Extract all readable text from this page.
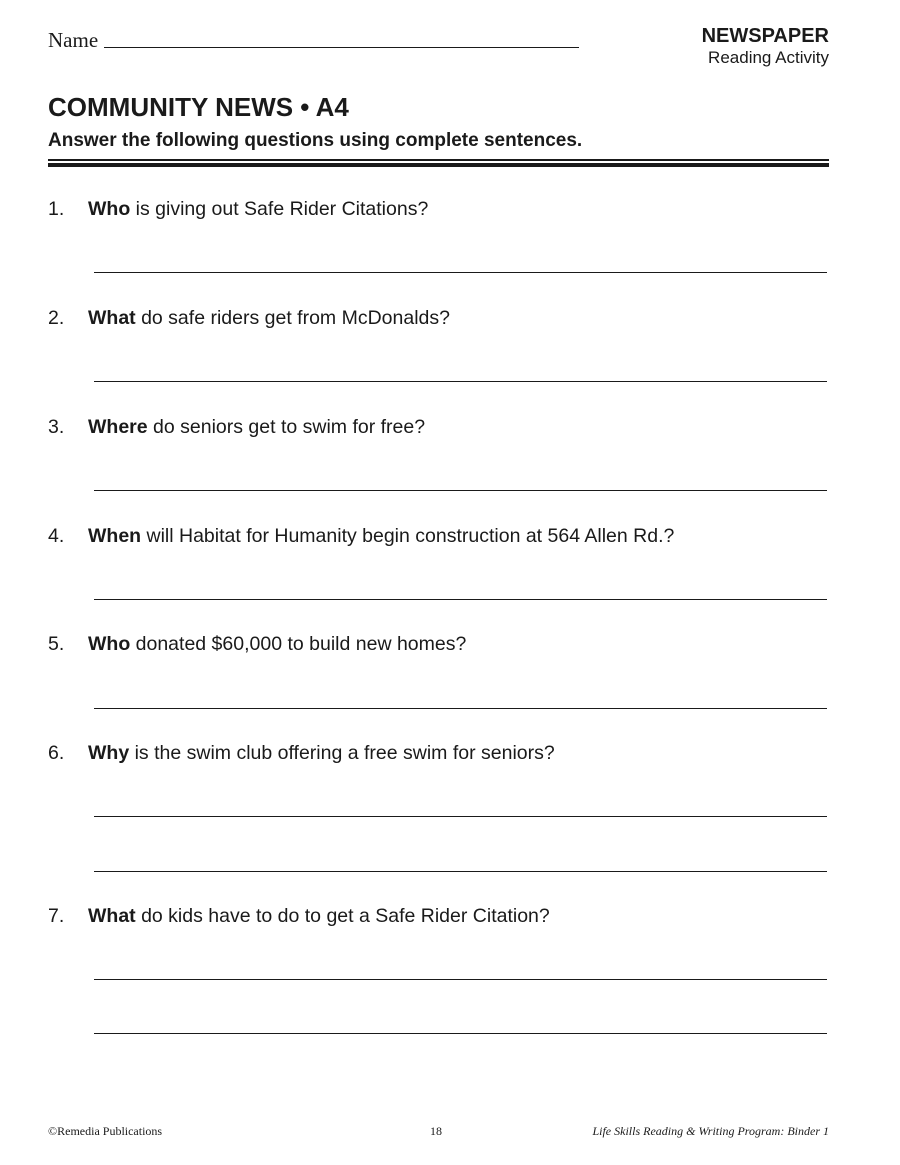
Name	NEWSPAPER
Reading Activity
COMMUNITY NEWS • A4

Answer the following questions using complete sentences.

1.	Who is giving out Safe Rider Citations?
2.	What do safe riders get from McDonalds?
3.	Where do seniors get to swim for free?
4.	When will Habitat for Humanity begin construction at 564 Allen Rd.?
5.	Who donated $60,000 to build new homes?
6.	Why is the swim club offering a free swim for seniors?
7.	What do kids have to do to get a Safe Rider Citation?
©Remedia Publications	18	Life Skills Reading & Writing Program: Binder 1
